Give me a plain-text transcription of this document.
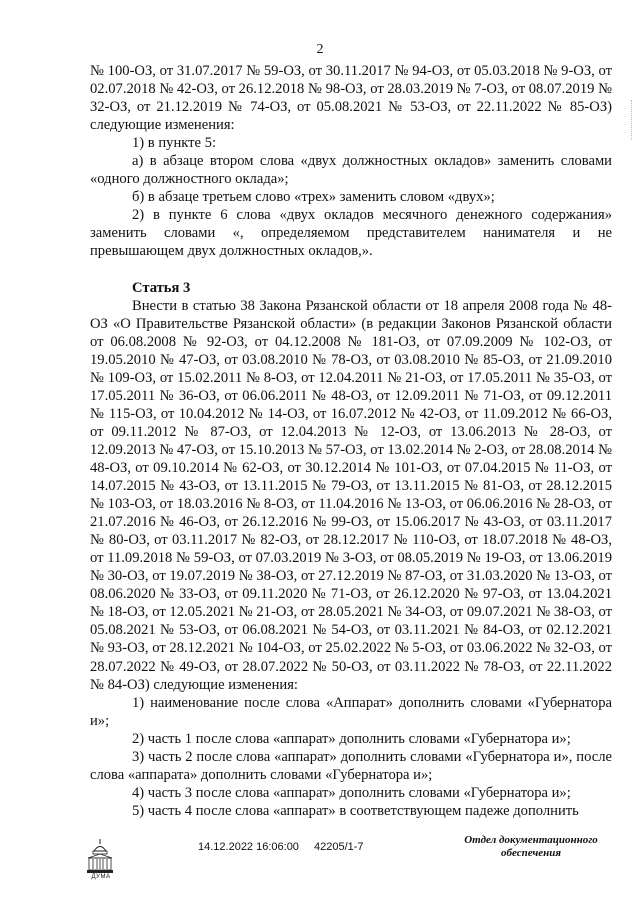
2

№ 100-ОЗ, от 31.07.2017 № 59-ОЗ, от 30.11.2017 № 94-ОЗ, от 05.03.2018 № 9-ОЗ, от 02.07.2018 № 42-ОЗ, от 26.12.2018 № 98-ОЗ, от 28.03.2019 № 7-ОЗ, от 08.07.2019 № 32-ОЗ, от 21.12.2019 № 74-ОЗ, от 05.08.2021 № 53-ОЗ, от 22.11.2022 № 85-ОЗ) следующие изменения:

1) в пункте 5:

а) в абзаце втором слова «двух должностных окладов» заменить словами «одного должностного оклада»;

б) в абзаце третьем слово «трех» заменить словом «двух»;

2) в пункте 6 слова «двух окладов месячного денежного содержания» заменить словами «, определяемом представителем нанимателя и не превышающем двух должностных окладов,».

Статья 3

Внести в статью 38 Закона Рязанской области от 18 апреля 2008 года № 48-ОЗ «О Правительстве Рязанской области» (в редакции Законов Рязанской области от 06.08.2008 № 92-ОЗ, от 04.12.2008 № 181-ОЗ, от 07.09.2009 № 102-ОЗ, от 19.05.2010 № 47-ОЗ, от 03.08.2010 № 78-ОЗ, от 03.08.2010 № 85-ОЗ, от 21.09.2010 № 109-ОЗ, от 15.02.2011 № 8-ОЗ, от 12.04.2011 № 21-ОЗ, от 17.05.2011 № 35-ОЗ, от 17.05.2011 № 36-ОЗ, от 06.06.2011 № 48-ОЗ, от 12.09.2011 № 71-ОЗ, от 09.12.2011 № 115-ОЗ, от 10.04.2012 № 14-ОЗ, от 16.07.2012 № 42-ОЗ, от 11.09.2012 № 66-ОЗ, от 09.11.2012 № 87-ОЗ, от 12.04.2013 № 12-ОЗ, от 13.06.2013 № 28-ОЗ, от 12.09.2013 № 47-ОЗ, от 15.10.2013 № 57-ОЗ, от 13.02.2014 № 2-ОЗ, от 28.08.2014 № 48-ОЗ, от 09.10.2014 № 62-ОЗ, от 30.12.2014 № 101-ОЗ, от 07.04.2015 № 11-ОЗ, от 14.07.2015 № 43-ОЗ, от 13.11.2015 № 79-ОЗ, от 13.11.2015 № 81-ОЗ, от 28.12.2015 № 103-ОЗ, от 18.03.2016 № 8-ОЗ, от 11.04.2016 № 13-ОЗ, от 06.06.2016 № 28-ОЗ, от 21.07.2016 № 46-ОЗ, от 26.12.2016 № 99-ОЗ, от 15.06.2017 № 43-ОЗ, от 03.11.2017 № 80-ОЗ, от 03.11.2017 № 82-ОЗ, от 28.12.2017 № 110-ОЗ, от 18.07.2018 № 48-ОЗ, от 11.09.2018 № 59-ОЗ, от 07.03.2019 № 3-ОЗ, от 08.05.2019 № 19-ОЗ, от 13.06.2019 № 30-ОЗ, от 19.07.2019 № 38-ОЗ, от 27.12.2019 № 87-ОЗ, от 31.03.2020 № 13-ОЗ, от 08.06.2020 № 33-ОЗ, от 09.11.2020 № 71-ОЗ, от 26.12.2020 № 97-ОЗ, от 13.04.2021 № 18-ОЗ, от 12.05.2021 № 21-ОЗ, от 28.05.2021 № 34-ОЗ, от 09.07.2021 № 38-ОЗ, от 05.08.2021 № 53-ОЗ, от 06.08.2021 № 54-ОЗ, от 03.11.2021 № 84-ОЗ, от 02.12.2021 № 93-ОЗ, от 28.12.2021 № 104-ОЗ, от 25.02.2022 № 5-ОЗ, от 03.06.2022 № 32-ОЗ, от 28.07.2022 № 49-ОЗ, от 28.07.2022 № 50-ОЗ, от 03.11.2022 № 78-ОЗ, от 22.11.2022 № 84-ОЗ) следующие изменения:

1) наименование после слова «Аппарат» дополнить словами «Губернатора и»;

2) часть 1 после слова «аппарат» дополнить словами «Губернатора и»;

3) часть 2 после слова «аппарат» дополнить словами «Губернатора и», после слова «аппарата» дополнить словами «Губернатора и»;

4) часть 3 после слова «аппарат» дополнить словами «Губернатора и»;

5) часть 4 после слова «аппарат» в соответствующем падеже дополнить

ДУМА
14.12.2022 16:06:00 42205/1-7
Отдел документационного
обеспечения
